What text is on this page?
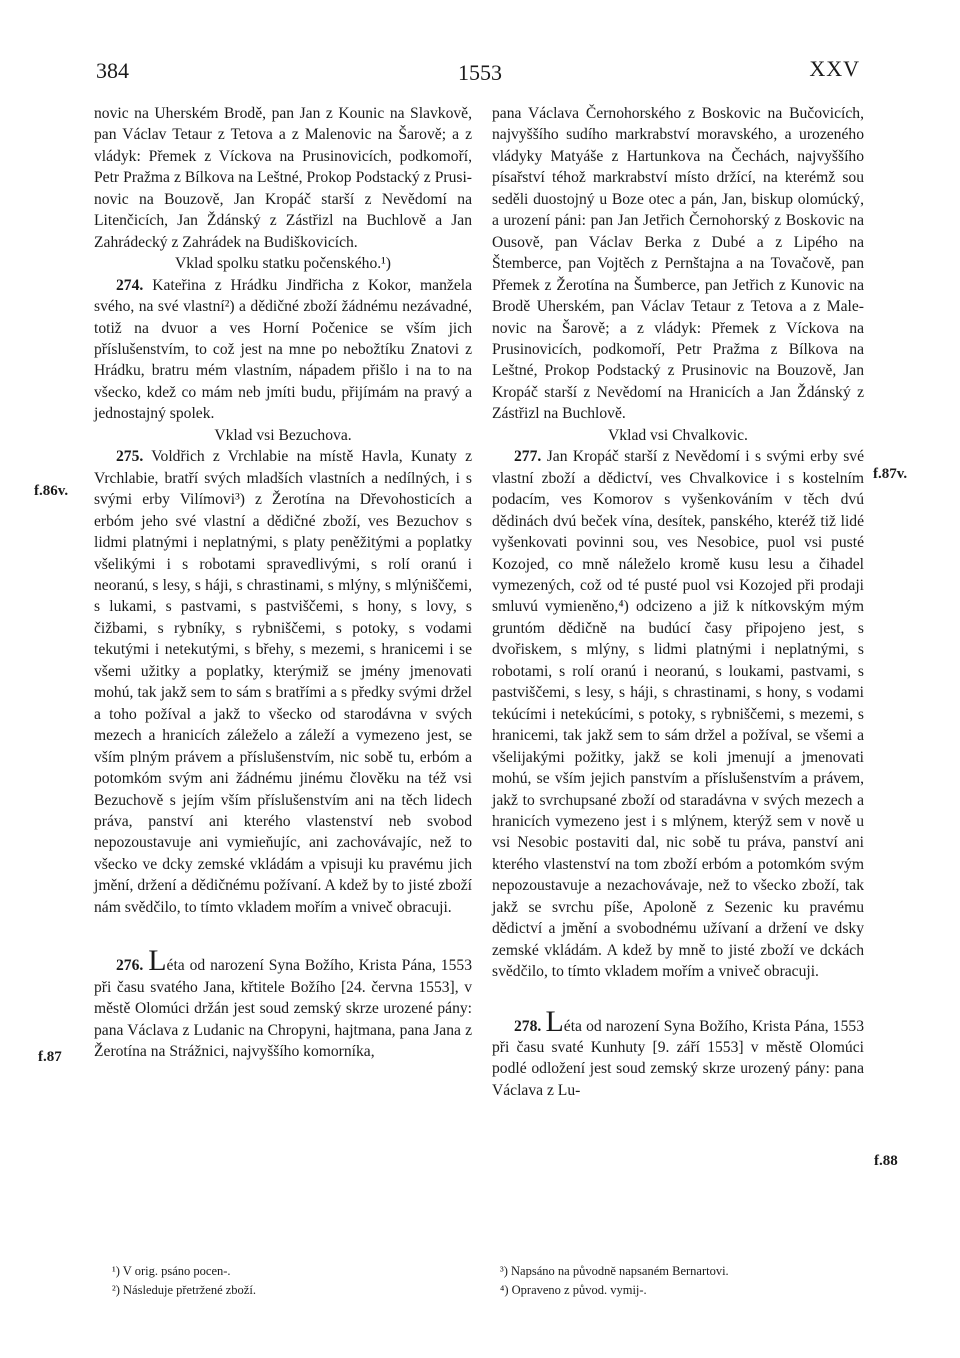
384	1553	XXV

novic na Uherském Brodě, pan Jan z Kounic na Slavkově, pan Václav Tetaur z Tetova a z Malenovic na Šarově; a z vládyk: Přemek z Víckova na Prusinovicích, podkomoří, Petr Pražma z Bílkova na Leštné, Prokop Podstacký z Prusinovic na Bouzově, Jan Kropáč starší z Nevědomí na Litenčicích, Jan Ždánský z Zástřizl na Buchlově a Jan Zahrádecký z Zahrádek na Budiškovicích.

Vklad spolku statku počenského.¹)

274. Kateřina z Hrádku Jindřicha z Kokor, manžela svého, na své vlastní²) a dědičné zboží žádnému nezávadné, totiž na dvuor a ves Horní Počenice se vším jich příslušenstvím, to což jest na mne po nebožtíku Znatovi z Hrádku, bratru mém vlastním, nápadem přišlo i na to na všecko, kdež co mám neb jmíti budu, přijímám na pravý a jednostajný spolek.

Vklad vsi Bezuchova.

275. Voldřich z Vrchlabie na místě Havla, Kunaty z Vrchlabie, bratří svých mladších vlastních a nedílných, i s svými erby Vilímovi³) z Žerotína na Dřevohosticích a erbóm jeho své vlastní a dědičné zboží, ves Bezuchov s lidmi platnými i neplatnými, s platy peněžitými a poplatky všelikými i s robotami spravedlivými, s rolí oranú i neoranú, s lesy, s háji, s chrastinami, s mlýny, s mlýniščemi, s lukami, s pastvami, s pastviščemi, s hony, s lovy, s čižbami, s rybníky, s rybniščemi, s potoky, s vodami tekutými i netekutými, s břehy, s mezemi, s hranicemi i se všemi užitky a poplatky, kterýmiž se jmény jmenovati mohú, tak jakž sem to sám s bratřími a s předky svými držel a toho požíval a jakž to všecko od starodávna v svých mezech a hranicích záleželo a záleží a vymezeno jest, se vším plným právem a příslušenstvím, nic sobě tu, erbóm a potomkóm svým ani žádnému jinému člověku na též vsi Bezuchově s jejím vším příslušenstvím ani na těch lidech práva, panství ani kterého vlastenství neb svobod nepozoustavuje ani vymieňujíc, ani zachovávajíc, než to všecko ve dcky zemské vkládám a vpisuji ku pravému jich jmění, držení a dědičnému požívaní. A kdež by to jisté zboží nám svědčilo, to tímto vkladem mořím a vniveč obracuji.

276. Léta od narození Syna Božího, Krista Pána, 1553 při času svatého Jana, křtitele Božího [24. června 1553], v městě Olomúci držán jest soud zemský skrze urozené pány: pana Václava z Ludanic na Chropyni, hajtmana, pana Jana z Žerotína na Strážnici, najvyššího komorníka,

pana Václava Černohorského z Boskovic na Bučovicích, najvyššího sudího markrabství moravského, a urozeného vládyky Matyáše z Hartunkova na Čechách, najvyššího písařství téhož markrabství místo držící, na kterémž sou seděli duostojný u Boze otec a pán, Jan, biskup olomúcký, a urození páni: pan Jan Jetřich Černohorský z Boskovic na Ousově, pan Václav Berka z Dubé a z Lipého na Štemberce, pan Vojtěch z Pernštajna a na Tovačově, pan Přemek z Žerotína na Šumberce, pan Jetřich z Kunovic na Brodě Uherském, pan Václav Tetaur z Tetova a z Malenovic na Šarově; a z vládyk: Přemek z Víckova na Prusinovicích, podkomoří, Petr Pražma z Bílkova na Leštné, Prokop Podstacký z Prusinovic na Bouzově, Jan Kropáč starší z Nevědomí na Hranicích a Jan Ždánský z Zástřizl na Buchlově.

Vklad vsi Chvalkovic.

277. Jan Kropáč starší z Nevědomí i s svými erby své vlastní zboží a dědictví, ves Chvalkovice i s kostelním podacím, ves Komorov s vyšenkováním v těch dvú dědinách dvú beček vína, desítek, panského, kteréž tiž lidé vyšenkovati povinni sou, ves Nesobice, puol vsi pusté Kozojed, co mně náleželo kromě kusu lesu a čihadel vymezených, což od té pusté puol vsi Kozojed při prodaji smluvú vymieněno,⁴) odcizeno a již k nítkovským mým gruntóm dědičně na budúcí časy připojeno jest, s dvořiskem, s mlýny, s lidmi platnými i neplatnými, s robotami, s rolí oranú i neoranú, s loukami, pastvami, s pastviščemi, s lesy, s háji, s chrastinami, s hony, s vodami tekúcími i netekúcími, s potoky, s rybniščemi, s mezemi, s hranicemi, tak jakž sem to sám držel a požíval, se všemi a všelijakými požitky, jakž se koli jmenují a jmenovati mohú, se vším jejich panstvím a příslušenstvím a právem, jakž to svrchupsané zboží od staradávna v svých mezech a hranicích vymezeno jest i s mlýnem, kterýž sem v nově u vsi Nesobic postaviti dal, nic sobě tu práva, panství ani kterého vlastenství na tom zboží erbóm a potomkóm svým nepozoustavuje a nezachovávaje, než to všecko zboží, tak jakž se svrchu píše, Apoloně z Sezenic ku pravému dědictví a jmění a svobodnému užívaní a držení ve dsky zemské vkládám. A kdež by mně to jisté zboží ve dckách svědčilo, to tímto vkladem mořím a vnivеč obracuji.

278. Léta od narození Syna Božího, Krista Pána, 1553 při času svaté Kunhuty [9. září 1553] v městě Olomúci podlé odložení jest soud zemský skrze urozený pány: pana Václava z Lu-

f.86v.
f.87v.
f.87
f.88
¹) V orig. psáno pocen-.
²) Následuje přetržené zboží.
³) Napsáno na původně napsaném Bernartovi.
⁴) Opraveno z původ. vymij-.
